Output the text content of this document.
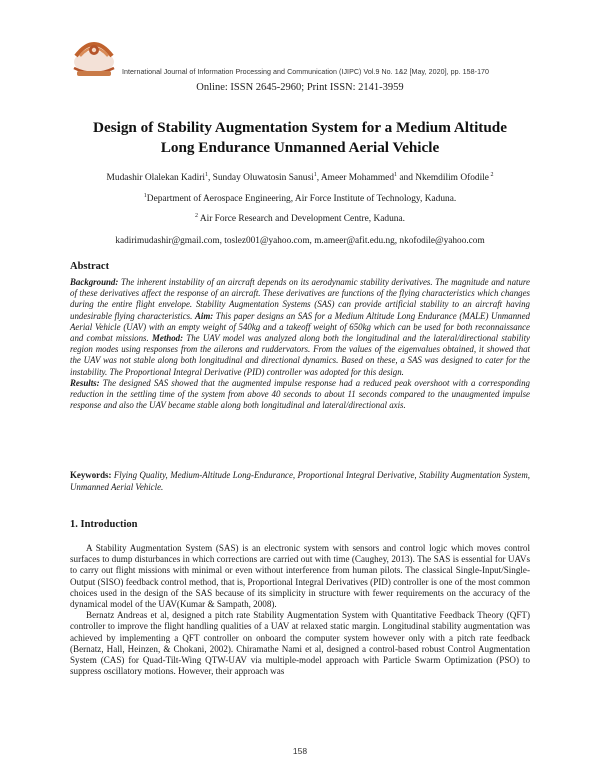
International Journal of Information Processing and Communication (IJIPC) Vol.9 No. 1&2 [May, 2020], pp. 158-170
Online: ISSN 2645-2960; Print ISSN: 2141-3959
Design of Stability Augmentation System for a Medium Altitude Long Endurance Unmanned Aerial Vehicle
Mudashir Olalekan Kadiri$^1$, Sunday Oluwatosin Sanusi$^1$, Ameer Mohammed$^1$ and Nkemdilim Ofodile $^2$
$^1$Department of Aerospace Engineering, Air Force Institute of Technology, Kaduna.
$^2$ Air Force Research and Development Centre, Kaduna.
kadirimudashir@gmail.com, toslez001@yahoo.com, m.ameer@afit.edu.ng, nkofodile@yahoo.com
Abstract
Background: The inherent instability of an aircraft depends on its aerodynamic stability derivatives. The magnitude and nature of these derivatives affect the response of an aircraft. These derivatives are functions of the flying characteristics which changes during the entire flight envelope. Stability Augmentation Systems (SAS) can provide artificial stability to an aircraft having undesirable flying characteristics. Aim: This paper designs an SAS for a Medium Altitude Long Endurance (MALE) Unmanned Aerial Vehicle (UAV) with an empty weight of 540kg and a takeoff weight of 650kg which can be used for both reconnaissance and combat missions. Method: The UAV model was analyzed along both the longitudinal and the lateral/directional stability region modes using responses from the ailerons and ruddervators. From the values of the eigenvalues obtained, it showed that the UAV was not stable along both longitudinal and directional dynamics. Based on these, a SAS was designed to cater for the instability. The Proportional Integral Derivative (PID) controller was adopted for this design.
Results: The designed SAS showed that the augmented impulse response had a reduced peak overshoot with a corresponding reduction in the settling time of the system from above 40 seconds to about 11 seconds compared to the unaugmented impulse response and also the UAV became stable along both longitudinal and lateral/directional axis.
Keywords: Flying Quality, Medium-Altitude Long-Endurance, Proportional Integral Derivative, Stability Augmentation System, Unmanned Aerial Vehicle.
1. Introduction

A Stability Augmentation System (SAS) is an electronic system with sensors and control logic which moves control surfaces to dump disturbances in which corrections are carried out with time (Caughey, 2013). The SAS is essential for UAVs to carry out flight missions with minimal or even without interference from human pilots. The classical Single-Input/Single-Output (SISO) feedback control method, that is, Proportional Integral Derivatives (PID) controller is one of the most common choices used in the design of the SAS because of its simplicity in structure with fewer requirements on the accuracy of the dynamical model of the UAV(Kumar & Sampath, 2008).

Bernatz Andreas et al, designed a pitch rate Stability Augmentation System with Quantitative Feedback Theory (QFT) controller to improve the flight handling qualities of a UAV at relaxed static margin. Longitudinal stability augmentation was achieved by implementing a QFT controller on onboard the computer system however only with a pitch rate feedback (Bernatz, Hall, Heinzen, & Chokani, 2002). Chiramathe Nami et al, designed a control-based robust Control Augmentation System (CAS) for Quad-Tilt-Wing QTW-UAV via multiple-model approach with Particle Swarm Optimization (PSO) to suppress oscillatory motions. However, their approach was

158
